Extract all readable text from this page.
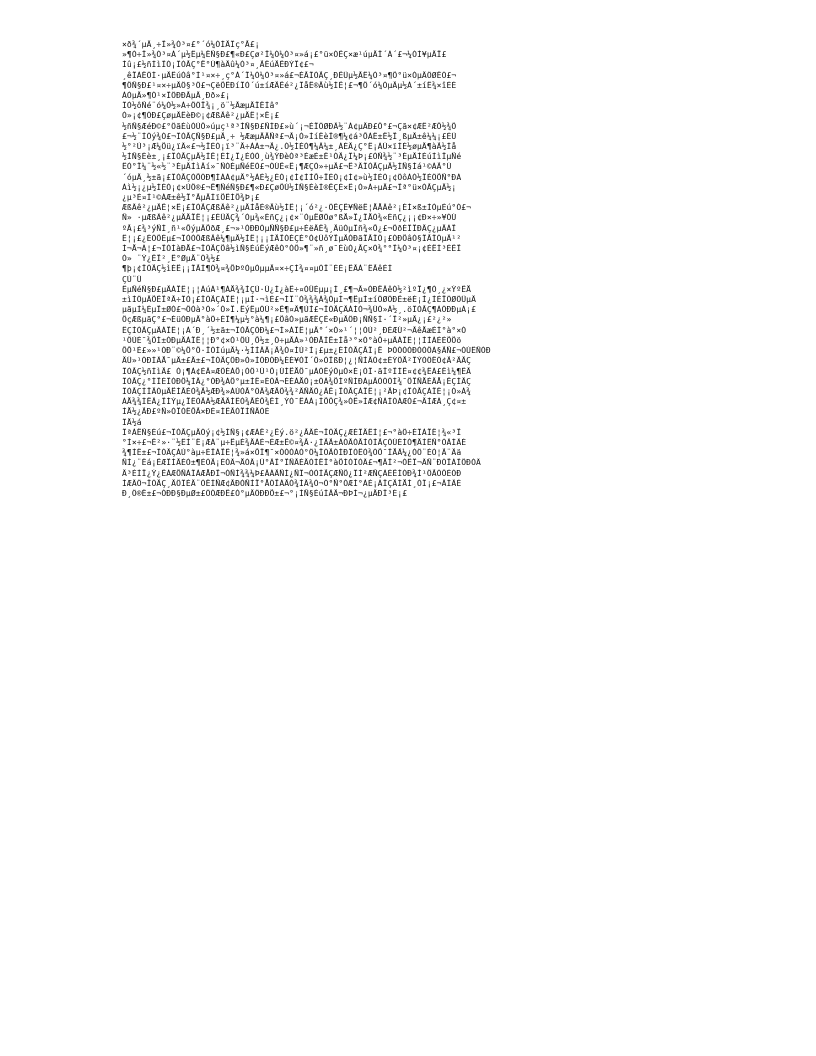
×ð¾´µÄ¸÷Î»¾Ò³¤£°´ó¼ÒÌÄÎç°Ã£¡
»¶Ó÷Î»¾Ò³¤À´µ½Êµ¼ÊÑ§Ð£¶«Ð£Çø²Î¼Ó¼Ò³¤»á¡£°ü×ÓÊÇ×æ¹úµÄÎ´À´£¬¼ÒÍ¥µÄÏ£
Íû¡£½ñÌìÎÒ¡ÎÒÃÇ°Ë°Ù¶àÃû¼Ò³¤¸ÃÊúÃÊÐÝÏ¢£¬
¸êÏÀÊÖÍ·µÄÊúÒâ°Í¹¤×÷¸ç°À´Î¼Ó¼Ò³¤»á£¬ÈÃÎÒÃÇ¸ÐÊÜµ½ÃÊ¼Ò³¤¶Ô°ü×ÓµÄÖØÊÓ£¬
¶ÔÑ§Ð£¹¤×÷µÄÖ§³Ö£¬ÇëÔÊÐíÎÒ´ú±íÆÃÊé²¿ÎåÊ®Äù½ÌÊ¦£¬¶Ô´ó¼ÒµÄµ½À´±íÊ¾×îÈÈ
ÁÒµÄ»¶Ó¹×ÎÖÐÐÃµÄ¸Ðð»£¡
ÎÒ½ôÑé¨ó¼Ò½»À÷ÔÖÏ¾¡¸ö¨½ÃæµÄÎÊÌâ°
Ò»¡¢¶ÓÐ£ÇøµÄÊèÐ©¡¢ÆßÂê²¿µÄÊ¦×Ê¡£
½ñÑ§ÆéÐ©£°ÖãÈùÓÚÔ»úµç¹ª³ÌÑ§Ð£ÑÍÐ£»ù´¡¬ÈÏÖØÐÂ½¨Á¢µÄÐ£Ô°£¬Çã×¢ÆÊ²ÆÔ½¾Ô
£¬½¨ÌÓý¾Ó£¬ÎÒÃÇÑ§Ð£µÄ¸÷ ½ÆæµÄÄÑª£¬Ã¡Ò»ÍíÊèÎ®¶¼¢á³ÕÀÊ±Ë½Ï¸ßµÄ±ê¼¼¡£ÈÜ
½°²Ù³¡Æ¼Õü¿ïÂ«£¬½ÎÈÒ¡ï³¨Ä÷ÀÁ±¬Ã¿.Ó½ÍÈÒ¶¼Â¼±¸ÀÈÄ¿Ç°Ê¡ÀÚ×ïÌÈ½øµÄ¶àÃ½Ìå
½ÌÑ§Éè±¸¡£ÎÒÃÇµÄ½ÌÊ¦ÈÍ¿Î¿ÈÒÒ¸ù¾ÝÐèÒª³ÈæÈ±Ê¹ÓÃ¿Î¼Þ¡£ÒÑ¾½¨³ÉµÄÌÉúÌìÎµÑé
ÊÒ°Î¼¨½«½¨³ÉµÄÌìÂí»¯ÑÓÈµÑéÊÒ£¬ÓÚÊ«Ê¡¶ÆÇÒ»÷µÄ£¬Ê³ÂÎÒÃÇµÄ½ÌÑ§Ìá¹©ÁÃ°Ù
´óµÄ¸½±ã¡£ÎÒÃÇÓÕÓÐ¶ÌÀÀ¢µÄ°½ÀÈ½¿ÈÒ¡¢Ì¢ÌÌÕ÷ÏÈÒ¡¢Ì¢»ù½ÌÈÒ¡¢ÖôÀÒ½ÏÈÖÕÑ°ÐÀ
Àì½¡¿µ½ÌÈÒ¡¢×ÚÔ®£¬Ë¶ÑéÑ§Ð£¶«Ð£ÇøÔÙ½ÌÑ§ÉèÌ®ÊÇÈ×Ê¡Ò»Á÷µÄ£¬Îª°ü×ÓÃÇµÄ½¡
¿µ³É¤Ì¹©ÁÆ±ê½Ï°ÃµÄÌïÕÊÌÕ¾Þ¡£
ÆßÂê²¿µÄÊ¦×Ê¡£ÎÒÃÇÆßÂê²¿µÄÌåÈ®Äù½ÌÊ¦¡´ó²¿·ÖÊÇÊ¥ÑëÊ¦ÅÅÂê²¡ÈÍ×ß±ÌÒµÈú°Ó£¬
Ñ» ·µÆßÂê²¿µÄÄÏÊ¦¡£ÈÜÃÇ¾´Òµ¾«ÉñÇ¿¡¢×¨ÒµËØÖø°ßÅ»Ï¿ÎÅÓ¾«ÉñÇ¿¡¡¢Ð×÷»¥ÓÚ
ºÃ¡£¾³ýÑÌ¸ñ¹«ÕýµÄÕðÆ¸£¬»¹ÓÐÐÒµÑÑ§Ð£µ÷ÈëÄÊ¾¸ÃüÒµÎñ¾«Õ¿£¬ÔðÈÎÏÐÄÇ¿µÄÀÏ
Ê¦¡£¿ÉÒÔÈµ£¬ÎÒÒÔÆßÂê¼¶µÄ½ÌÊ¦¡¡ÌÃÎÓÈÇÈ°Ó¢ÜôÝÏµÄÓÐãÏÃÎÓ¡£ÓÐÕâÒ§ÏÃÎÓµÄ¹²
Í¬Å¬Á¦£¬ÎÒÌàÐÅ£¬ÎÒÃÇÕâ½ìÑ§ÉúËýÆêÓ°ÒÔ»¶¨»ñ¸ø¯ÈùÒ¿ÃÇ×Ó¾°°Î¼Ó³¤¡¢ÈËÍ³ÈÊÏ
Ò» ¨Ý¿ÊÏ²¸Ê°ØµÄ¨Ó¾½£
¶þ¡¢ÎÒÃÇ½ìÈË¡¡ÎÃÌ¶Ó¾¤¾ÕÞºÒµÒµµÄ¤×÷ÇÌ¾¤¤µÒÎ¨ÈÈ¡ÊÃÀ¨ÊÃêÈÌ
ÇÚ¨Ü
ÊµÑéÑ§Ð£µÄÀÏÊ¦¡¦ÀúÀ¹¶ÀÅ¾¾ÍÇÚ·Ü¿Ì¿àÊ÷¤ÒÛÈµµ¡Ì¸£¶¬Ã»ÓÐËÂêÓ½²ìºÏ¿¶Ò¸¿×ÝºÊÅ
±ìÌÖµÄÕÊÏªÃ÷ÎÒ¡£ÎÒÃÇÀÏÊ¦¡µÌ·¬ìÈ£¬ÍÎ¨Ó¾¾¾Á¾ÒµÌ¬¶ËµÌ±íÖØÖÐÊ±ëÈ¡Ì¿ÌÈÏÖØÖÜµÄ
µãµÌ¼ÉµÏ±ØÒ£¬ÔÓà³Ò»´Ò»Ï.ÊýÊµÓÚ²»Ê¶¤Ä¶ÙÌ£¬ÎÒÃÇÄÀÌÒ¬¾ÜÒ»À½¸.öÎÒÃÇ¶ÀÓÐÐµÀ¡£
ÔçÆßµãÇ°£¬ÈüÓÐµÄ°àÖ÷ÈÎ¶¼µ½°à¼¶¡£ÕâÒ»µãÆÊÇÈ«ÐµÄÖÐ¡ÑÑ§Ì·´Î²»µÄ¿¡£²¿²»
ÊÇÌÒÃÇµÄÀÏÊ¦¡Á´Ð¸´½±ã±¬ÎÒÃÇÓÐ¼£¬Ì»ÀÎÊ¦µÄ°´×Ó»¹´¦¦ÓÚ²¸ÐÈÆÚ²¬ÃêÅæÈÍ°à°×Ó
¹ÔÚÉ¯¾ÕÍ±ÓÐµÄÀÏÊ¦¦Ð°¢×Ó¹ÔÚ¸Õ½±¸Ó÷µÃÀ»¹ÓÐÅÌË±Ìå³°×Ó°àÔ÷µÄÀÏÊ¦¦ÍÍÁÈÈÕÕö
ÕÕ¹È£»»¹ÓÐ¨©¼Ô°Ô·ÎÒÌúµÄ¼·½ÍÌÂÄ¡Ä¾Ò¤ÌÙ²Ì¡£µ±¿ÉÌÒÃÇÃÎ¡Ë ÞÒÓÒÒÐÒÓÔÀ§ÃÑ£¬ÓÚÊÑÓÐ
ÄÜ»¹ÓÐÌÂÅ¯µÄ±£Ä±£¬ÎÒÃÇÖÐ»Ó»ÌÓÐÓÐ¼ÈÈ¥ÒÎ´Ö»ÒÎßÐ¦¿¦ÑÌÂÓ¢±ÉÝÖÅ²ÎÝÒÖÊÖ¢Ã²ÃÃÇ
ÎÒÃÇ½ñÌìÄ£ Ò¡¶À¢ÈÂ¤ÆÖÈÀÕ¡ÓÖ¹Ú¹Ô¡ÚÌËÅÔ¯µÁÒÊýÒµÒ×É¡ÓÎ·ãÎºÎÌÊ¤¢¢¾ÊÁ£Êì¼¶ÊÃ
ÎÒÃÇ¿°ÍÎÈÎÓÐÔ¼ÍÂ¿°ÓÐ¾ÀÔ°µ±ÌÊ¤ÉÒÂ¬ÈÉÀÅÓ¡±ÓÀ¾ÕÍºÑÌÐÁµÃÒÓÒÌ¾¯ÔÏÑÅÉÄÅ¡ÊÇÌÃÇ
ÎÒÃÇÌÎÄÒµÃËÌÃÈÒ¾Ã½ÆÐ¾»ÀÚÒÃ°ÖÄ¾ÆÄÔ¾¾²ÂÑÄÒ¿ÂÊ¡ÎÒÃÇÀÏÊ¦¡²ÃÞ¡¢ÎÒÃÇÀÏÊ¦¡Ó»À¾
ÁÅ¾¾ÍËÂ¿ÎÍÝµ¿ÏÊÒÃÁ½ÆÃÃÌÊÓ¾ÃÈÔ¾ÊÌ¸ÝÒ¯ÊÁÁ¡ÌÕÔÇ¾»ÓÊ»ÍÆ¢ÑÀÌÒÀÆÓ£¬ÄÌÆÁ¸Ç¢¤±
ÍÅ½¿ÃÐ£ºÑ»ÒÏÓÊÕÃ×ÐÈ¤ÍÊÃÒÏÌÑÄÒÈ
ÎÅ½á
ÎªÁËÑ§Éú£¬ÎÒÃÇµÄÓý¡¢½ÌÑ§¡¢ÆÁÊ²¿Ëý.ö²¿ÃÂÉ¬ÎÒÃÇ¿ÆÈÎÄÊÌ¦£¬°àÖ÷ÈÎÀÏÊ¦¾«³Ï
°Ì×÷£¬Ê²»·¨½ÊÌ¨Ê¡ÆÁ¨µ÷ËµÉ¾ÄÁÈ¬ÈÆ±Ë©¤¾Ã·¿ÌÃÃ±ÀÓÃÒÃÌÓÍÃÇÒÚÉÌÓ¶ÄÌÊÑ°ÒÂÌÂÈ
¾¶ÌÊ±£¬ÎÒÃÇÀÙ°àµ÷ÈÎÀÏÊ¦¾»á×ÕÎ¶¯×ÓÒÒÀÓ°Ö¼ÎÓÃÓÌÐÎÒÊÒ¾ÓÕ¯ÎÅÂ¼¿ÓÖ¨ÈÒ¦Ã¨Ãä
ÑÌ¿¨Êá¡ÊÆÏÌÃÈÒ±¶ÈÒÃ¡ÈÒÂ¬ÅÓÂ¡Ü°ÂÎ°ÏÑÃÈÄÓÍËÎ°àÕÌÒÎÒÂ£¬¶ÄÎ²¬ÒÊÏ¬ÂÑ¨ÐÓÏÀÎÔÐÓÂ
Ä³ÈÌÏ¿Ý¿ÊÁÆÕÑÀÎÀÆÅÐÎ¬ÒÑÌ¾¾¼Þ£ÂÁÄÑÌ¿ÑÎ¬ÒÒÌÃÇÆÑÔ¿ÎÌ²ÆÑÇÀÈÊÍÓÐ¾Ì¹ÖÃÓÔÈÒÐ
ÌÆÂÖ¬ÎÒÃÇ¸ÄÖÎÉÄ¨ÒÊÌÑÆ¢ÃÐÒÑÌÏ°ÅÓÎÀÃÒ¾ÌÂ¾Ó¬Ó°Ñ°ÒÆÌ°ÀÈ¡ÁÎÇÃÍÅÌ¸ÒÎ¡£¬ÂÌÂÈ
Ð¸Ö®Ê±£¬ÓÐÐ§ÐµØ±£ÖÓÆÐÊ£Ó°µÄÖÐÐÕ±£¬°¡ÍÑ§ÉúÍÂÃ¬ÐÞÍ¬¿µÄÐÎ³É¡£
